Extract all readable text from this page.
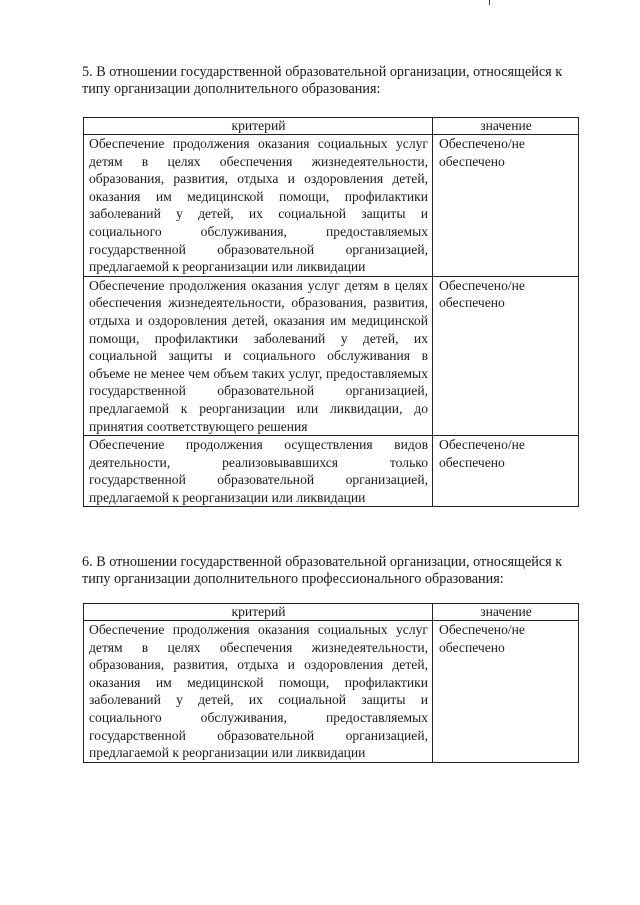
5. В отношении государственной образовательной организации, относящейся к типу организации дополнительного образования:

критерий	значение
Обеспечение продолжения оказания социальных услуг детям в целях обеспечения жизнедеятельности, образования, развития, отдыха и оздоровления детей, оказания им медицинской помощи, профилактики заболеваний у детей, их социальной защиты и социального обслуживания, предоставляемых государственной образовательной организацией, предлагаемой к реорганизации или ликвидации	Обеспечено/не обеспечено
Обеспечение продолжения оказания услуг детям в целях обеспечения жизнедеятельности, образования, развития, отдыха и оздоровления детей, оказания им медицинской помощи, профилактики заболеваний у детей, их социальной защиты и социального обслуживания в объеме не менее чем объем таких услуг, предоставляемых государственной образовательной организацией, предлагаемой к реорганизации или ликвидации, до принятия соответствующего решения	Обеспечено/не обеспечено
Обеспечение продолжения осуществления видов деятельности, реализовывавшихся только государственной образовательной организацией, предлагаемой к реорганизации или ликвидации	Обеспечено/не обеспечено

6. В отношении государственной образовательной организации, относящейся к типу организации дополнительного профессионального образования:

критерий	значение
Обеспечение продолжения оказания социальных услуг детям в целях обеспечения жизнедеятельности, образования, развития, отдыха и оздоровления детей, оказания им медицинской помощи, профилактики заболеваний у детей, их социальной защиты и социального обслуживания, предоставляемых государственной образовательной организацией, предлагаемой к реорганизации или ликвидации	Обеспечено/не обеспечено
